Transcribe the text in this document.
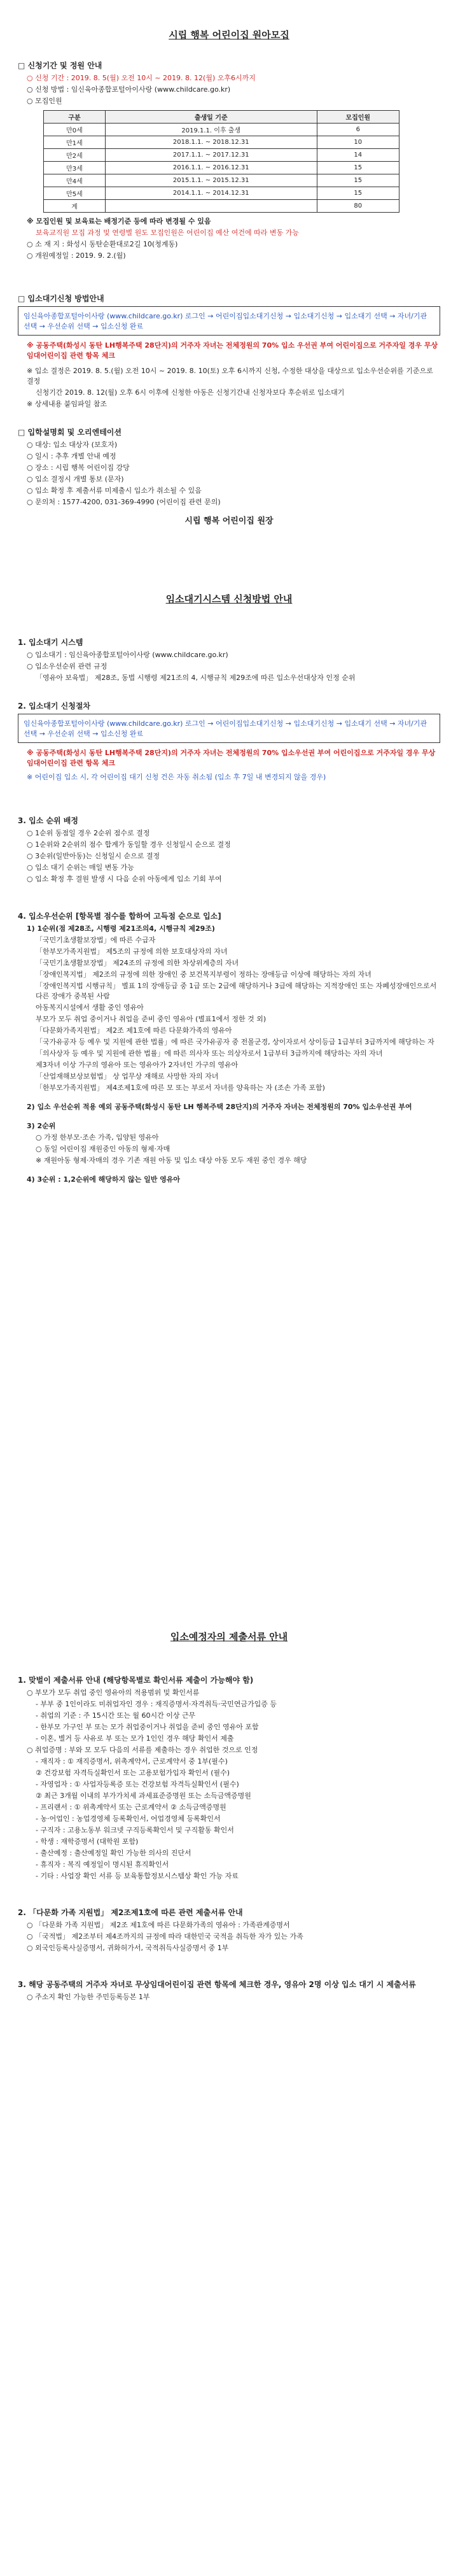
시립 행복 어린이집 원아모집

□ 신청기간 및 정원 안내
○ 신청 기간 : 2019. 8. 5(월) 오전 10시 ~ 2019. 8. 12(월) 오후6시까지
○ 신청 방법 : 임신육아종합포털아이사랑 (www.childcare.go.kr)
○ 모집인원
구분	출생일 기준	모집인원
만0세	2019.1.1. 이후 출생	6
만1세	2018.1.1. ~ 2018.12.31	10
만2세	2017.1.1. ~ 2017.12.31	14
만3세	2016.1.1. ~ 2016.12.31	15
만4세	2015.1.1. ~ 2015.12.31	15
만5세	2014.1.1. ~ 2014.12.31	15
계		80
※ 모집인원 및 보육료는 배정기준 등에 따라 변경될 수 있음
보육교직원 모집 과정 및 연령별 원도 모집인원은 어린이집 예산 여건에 따라 변동 가능
○ 소 재 지 : 화성시 동탄순환대로2길 10(청계동)
○ 개원예정일 : 2019. 9. 2.(월)
□ 입소대기신청 방법안내
임신육아종합포털아이사랑 (www.childcare.go.kr) 로그인 → 어린이집입소대기신청 → 입소대기신청 → 입소대기 선택 → 자녀/기관 선택 → 우선순위 선택 → 입소신청 완료
※ 공동주택(화성시 동탄 LH행복주택 28단지)의 거주자 자녀는 전체정원의 70% 입소 우선권 부여 어린이집으로 거주자일 경우 무상임대어린이집 관련 항목 체크
※ 입소 결정은 2019. 8. 5.(월) 오전 10시 ~ 2019. 8. 10(토) 오후 6시까지 신청, 수정한 대상을 대상으로 입소우선순위를 기준으로 결정
신청기간 2019. 8. 12(월) 오후 6시 이후에 신청한 아동은 신청기간내 신청자보다 후순위로 입소대기
※ 상세내용 붙임파일 참조
□ 입학설명회 및 오리엔테이션
○ 대상: 입소 대상자 (보호자)
○ 일시 : 추후 개별 안내 예정
○ 장소 : 시립 행복 어린이집 강당
○ 입소 결정시 개별 통보 (문자)
○ 입소 확정 후 제출서류 미제출시 입소가 취소될 수 있음
○ 문의처 : 1577-4200, 031-369-4990 (어린이집 관련 문의)
시립 행복 어린이집 원장

임소대기시스템 신청방법 안내

1. 입소대기 시스템
○ 입소대기 : 임신육아종합포털아이사랑 (www.childcare.go.kr)
○ 입소우선순위 관련 규정
「영유아 보육법」 제28조, 동법 시행령 제21조의 4, 시행규칙 제29조에 따른 입소우선대상자 인정 순위
2. 입소대기 신청절차
임신육아종합포털아이사랑 (www.childcare.go.kr) 로그인 → 어린이집입소대기신청 → 입소대기신청 → 입소대기 선택 → 자녀/기관 선택 → 우선순위 선택 → 입소신청 완료
※ 공동주택(화성시 동탄 LH행복주택 28단지)의 거주자 자녀는 전체정원의 70% 입소우선권 부여 어린이집으로 거주자일 경우 무상임대어린이집 관련 항목 체크
※ 어린이집 입소 시, 각 어린이집 대기 신청 건은 자동 취소됨 (입소 후 7일 내 변경되지 않을 경우)
3. 입소 순위 배정
○ 1순위 동점일 경우 2순위 점수로 결정
○ 1순위와 2순위의 점수 합계가 동일할 경우 신청일시 순으로 결정
○ 3순위(일반아동)는 신청일시 순으로 결정
○ 입소 대기 순위는 매일 변동 가능
○ 입소 확정 후 결원 발생 시 다음 순위 아동에게 입소 기회 부여
4. 입소우선순위 [항목별 점수를 합하여 고득점 순으로 입소]
1) 1순위(점 제28조, 시행령 제21조의4, 시행규칙 제29조)
「국민기초생활보장법」에 따른 수급자
「한부모가족지원법」 제5조의 규정에 의한 보호대상자의 자녀
「국민기초생활보장법」 제24조의 규정에 의한 차상위계층의 자녀
「장애인복지법」 제2조의 규정에 의한 장애인 중 보건복지부령이 정하는 장애등급 이상에 해당하는 자의 자녀
「장애인복지법 시행규칙」 별표 1의 장애등급 중 1급 또는 2급에 해당하거나 3급에 해당하는 지적장애인 또는 자폐성장애인으로서 다른 장애가 중복된 사람
아동복지시설에서 생활 중인 영유아
부모가 모두 취업 중이거나 취업을 준비 중인 영유아 (별표1에서 정한 것 외)
「다문화가족지원법」 제2조 제1호에 따른 다문화가족의 영유아
「국가유공자 등 예우 및 지원에 관한 법률」에 따른 국가유공자 중 전몰군경, 상이자로서 상이등급 1급부터 3급까지에 해당하는 자
「의사상자 등 예우 및 지원에 관한 법률」에 따른 의사자 또는 의상자로서 1급부터 3급까지에 해당하는 자의 자녀
제3자녀 이상 가구의 영유아 또는 영유아가 2자녀인 가구의 영유아
「산업재해보상보험법」 상 업무상 재해로 사망한 자의 자녀
「한부모가족지원법」 제4조제1호에 따른 모 또는 부로서 자녀를 양육하는 자 (조손 가족 포함)
2) 입소 우선순위 적용 예외 공동주택(화성시 동탄 LH 행복주택 28단지)의 거주자 자녀는 전체정원의 70% 입소우선권 부여
3) 2순위
○ 가정 한부모·조손 가족, 입양된 영유아
○ 동일 어린이집 재원중인 아동의 형제·자매
※ 재원아동 형제·자매의 경우 기존 재원 아동 및 입소 대상 아동 모두 재원 중인 경우 해당
4) 3순위 : 1,2순위에 해당하지 않는 일반 영유아

입소예정자의 제출서류 안내

1. 맞벌이 제출서류 안내 (해당항목별로 확인서류 제출이 가능해야 함)
○ 부모가 모두 취업 중인 영유아의 적용범위 및 확인서류
- 부부 중 1인이라도 미취업자인 경우 : 재직증명서·자격취득·국민연금가입증 등
- 취업의 기준 : 주 15시간 또는 월 60시간 이상 근무
- 한부모 가구인 부 또는 모가 취업중이거나 취업을 준비 중인 영유아 포함
- 이혼, 별거 등 사유로 부 또는 모가 1인인 경우 해당 확인서 제출
○ 취업증명 : 부와 모 모두 다음의 서류를 제출하는 경우 취업한 것으로 인정
- 재직자 : ① 재직증명서, 위촉계약서, 근로계약서 중 1부(필수)
② 건강보험 자격득실확인서 또는 고용보험가입자 확인서 (필수)
- 자영업자 : ① 사업자등록증 또는 건강보험 자격득실확인서 (필수)
② 최근 3개월 이내의 부가가치세 과세표준증명원 또는 소득금액증명원
- 프리랜서 : ① 위촉계약서 또는 근로계약서 ② 소득금액증명원
- 농·어업인 : 농업경영체 등록확인서, 어업경영체 등록확인서
- 구직자 : 고용노동부 워크넷 구직등록확인서 및 구직활동 확인서
- 학생 : 재학증명서 (대학원 포함)
- 출산예정 : 출산예정일 확인 가능한 의사의 진단서
- 휴직자 : 복직 예정일이 명시된 휴직확인서
- 기타 : 사업장 확인 서류 등 보육통합정보시스템상 확인 가능 자료
2. 「다문화 가족 지원법」 제2조제1호에 따른 관련 제출서류 안내
○ 「다문화 가족 지원법」 제2조 제1호에 따른 다문화가족의 영유아 : 가족관계증명서
○ 「국적법」 제2조부터 제4조까지의 규정에 따라 대한민국 국적을 취득한 자가 있는 가족
○ 외국인등록사실증명서, 귀화허가서, 국적취득사실증명서 중 1부
3. 해당 공동주택의 거주자 자녀로 무상임대어린이집 관련 항목에 체크한 경우, 영유아 2명 이상 입소 대기 시 제출서류
○ 주소지 확인 가능한 주민등록등본 1부
